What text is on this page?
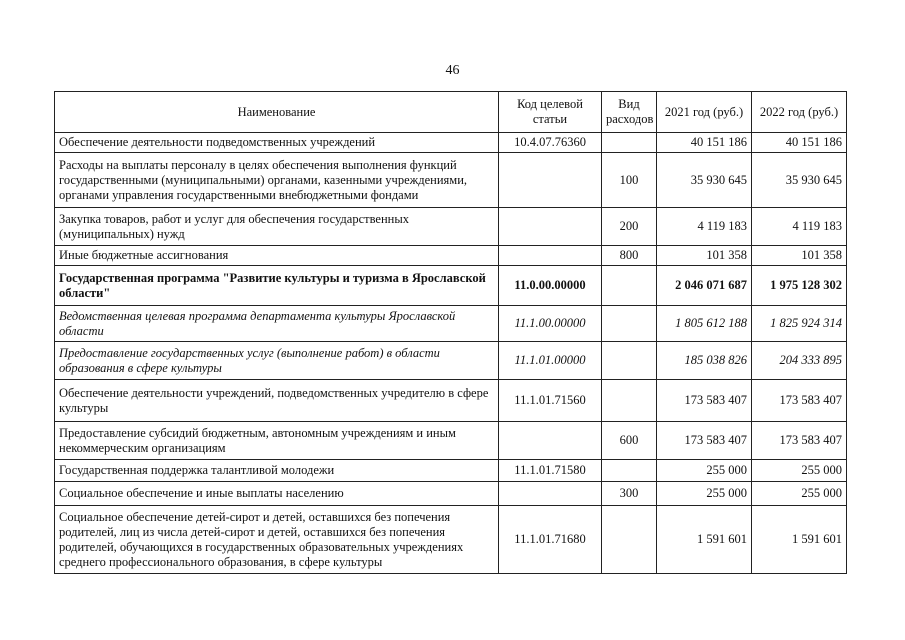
46
Наименование	Код целевой статьи	Вид расходов	2021 год (руб.)	2022 год (руб.)
Обеспечение деятельности подведомственных учреждений	10.4.07.76360		40 151 186	40 151 186
Расходы на выплаты персоналу в целях обеспечения выполнения функций государственными (муниципальными) органами, казенными учреждениями, органами управления государственными внебюджетными фондами		100	35 930 645	35 930 645
Закупка товаров, работ и услуг для обеспечения государственных (муниципальных) нужд		200	4 119 183	4 119 183
Иные бюджетные ассигнования		800	101 358	101 358
Государственная программа "Развитие культуры и туризма в Ярославской области"	11.0.00.00000		2 046 071 687	1 975 128 302
Ведомственная целевая программа департамента культуры Ярославской области	11.1.00.00000		1 805 612 188	1 825 924 314
Предоставление государственных услуг (выполнение работ) в области образования в сфере культуры	11.1.01.00000		185 038 826	204 333 895
Обеспечение деятельности учреждений, подведомственных учредителю в сфере культуры	11.1.01.71560		173 583 407	173 583 407
Предоставление субсидий бюджетным, автономным учреждениям и иным некоммерческим организациям		600	173 583 407	173 583 407
Государственная поддержка талантливой молодежи	11.1.01.71580		255 000	255 000
Социальное обеспечение и иные выплаты населению		300	255 000	255 000
Социальное обеспечение детей-сирот и детей, оставшихся без попечения родителей, лиц из числа детей-сирот и детей, оставшихся без попечения родителей, обучающихся в государственных образовательных учреждениях среднего профессионального образования, в сфере культуры	11.1.01.71680		1 591 601	1 591 601
